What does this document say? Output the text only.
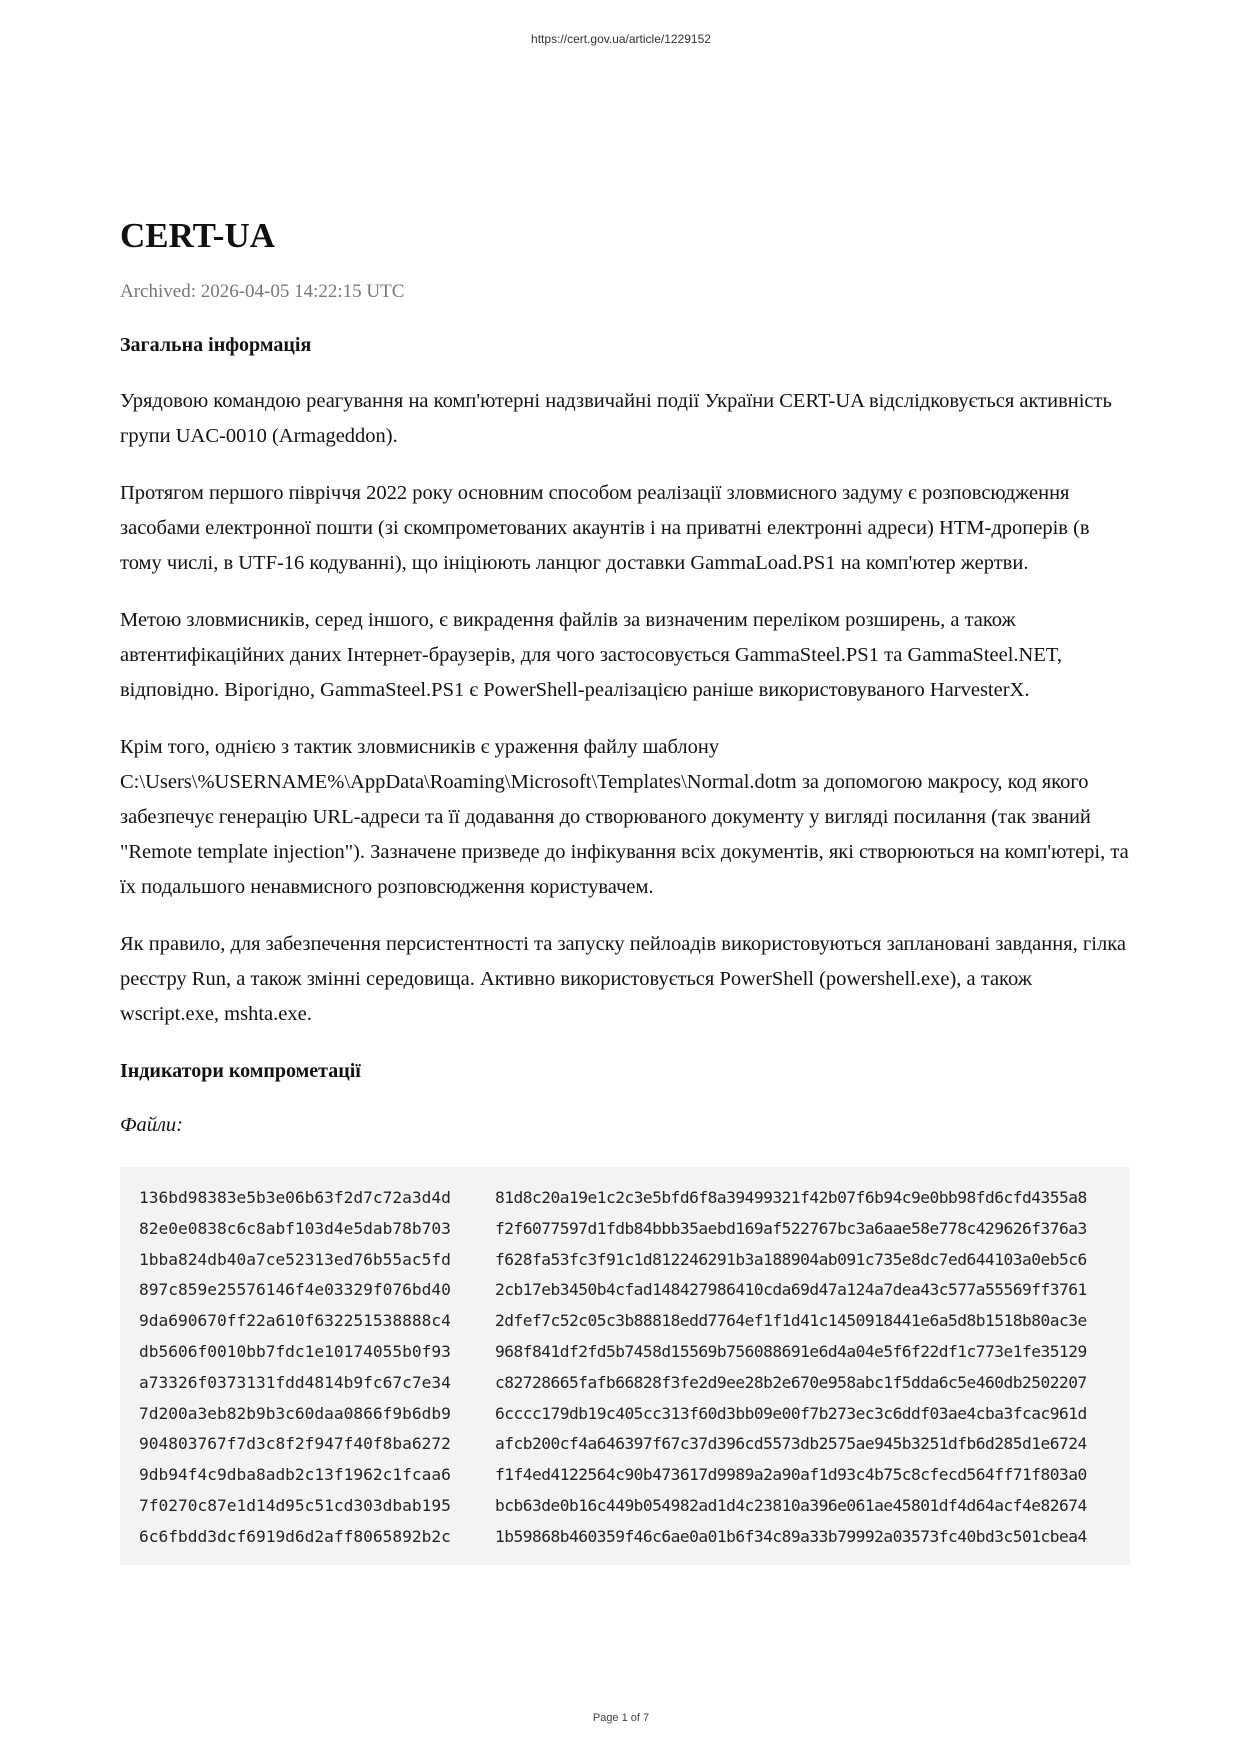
https://cert.gov.ua/article/1229152
CERT-UA
Archived: 2026-04-05 14:22:15 UTC
Загальна інформація
Урядовою командою реагування на комп'ютерні надзвичайні події України CERT-UA відслідковується активність групи UAC-0010 (Armageddon).
Протягом першого півріччя 2022 року основним способом реалізації зловмисного задуму є розповсюдження засобами електронної пошти (зі скомпрометованих акаунтів і на приватні електронні адреси) HTM-дроперів (в тому числі, в UTF-16 кодуванні), що ініціюють ланцюг доставки GammaLoad.PS1 на комп'ютер жертви.
Метою зловмисників, серед іншого, є викрадення файлів за визначеним переліком розширень, а також автентифікаційних даних Інтернет-браузерів, для чого застосовується GammaSteel.PS1 та GammaSteel.NET, відповідно. Вірогідно, GammaSteel.PS1 є PowerShell-реалізацією раніше використовуваного HarvesterX.
Крім того, однією з тактик зловмисників є ураження файлу шаблону C:\Users\%USERNAME%\AppData\Roaming\Microsoft\Templates\Normal.dotm за допомогою макросу, код якого забезпечує генерацію URL-адреси та її додавання до створюваного документу у вигляді посилання (так званий "Remote template injection"). Зазначене призведе до інфікування всіх документів, які створюються на комп'ютері, та їх подальшого ненавмисного розповсюдження користувачем.
Як правило, для забезпечення персистентності та запуску пейлоадів використовуються заплановані завдання, гілка реєстру Run, а також змінні середовища. Активно використовується PowerShell (powershell.exe), а також wscript.exe, mshta.exe.
Індикатори компрометації
Файли:
136bd98383e5b3e06b63f2d7c72a3d4d
82e0e0838c6c8abf103d4e5dab78b703
1bba824db40a7ce52313ed76b55ac5fd
897c859e25576146f4e03329f076bd40
9da690670ff22a610f632251538888c4
db5606f0010bb7fdc1e10174055b0f93
a73326f0373131fdd4814b9fc67c7e34
7d200a3eb82b9b3c60daa0866f9b6db9
904803767f7d3c8f2f947f40f8ba6272
9db94f4c9dba8adb2c13f1962c1fcaa6
7f0270c87e1d14d95c51cd303dbab195
6c6fbdd3dcf6919d6d2aff8065892b2c
81d8c20a19e1c2c3e5bfd6f8a39499321f42b07f6b94c9e0bb98fd6cfd4355a8
f2f6077597d1fdb84bbb35aebd169af522767bc3a6aae58e778c429626f376a3
f628fa53fc3f91c1d812246291b3a188904ab091c735e8dc7ed644103a0eb5c6
2cb17eb3450b4cfad148427986410cda69d47a124a7dea43c577a55569ff3761
2dfef7c52c05c3b88818edd7764ef1f1d41c1450918441e6a5d8b1518b80ac3e
968f841df2fd5b7458d15569b756088691e6d4a04e5f6f22df1c773e1fe35129
c82728665fafb66828f3fe2d9ee28b2e670e958abc1f5dda6c5e460db2502207
6cccc179db19c405cc313f60d3bb09e00f7b273ec3c6ddf03ae4cba3fcac961d
afcb200cf4a646397f67c37d396cd5573db2575ae945b3251dfb6d285d1e6724
f1f4ed4122564c90b473617d9989a2a90af1d93c4b75c8cfecd564ff71f803a0
bcb63de0b16c449b054982ad1d4c23810a396e061ae45801df4d64acf4e82674
1b59868b460359f46c6ae0a01b6f34c89a33b79992a03573fc40bd3c501cbea4
Page 1 of 7
